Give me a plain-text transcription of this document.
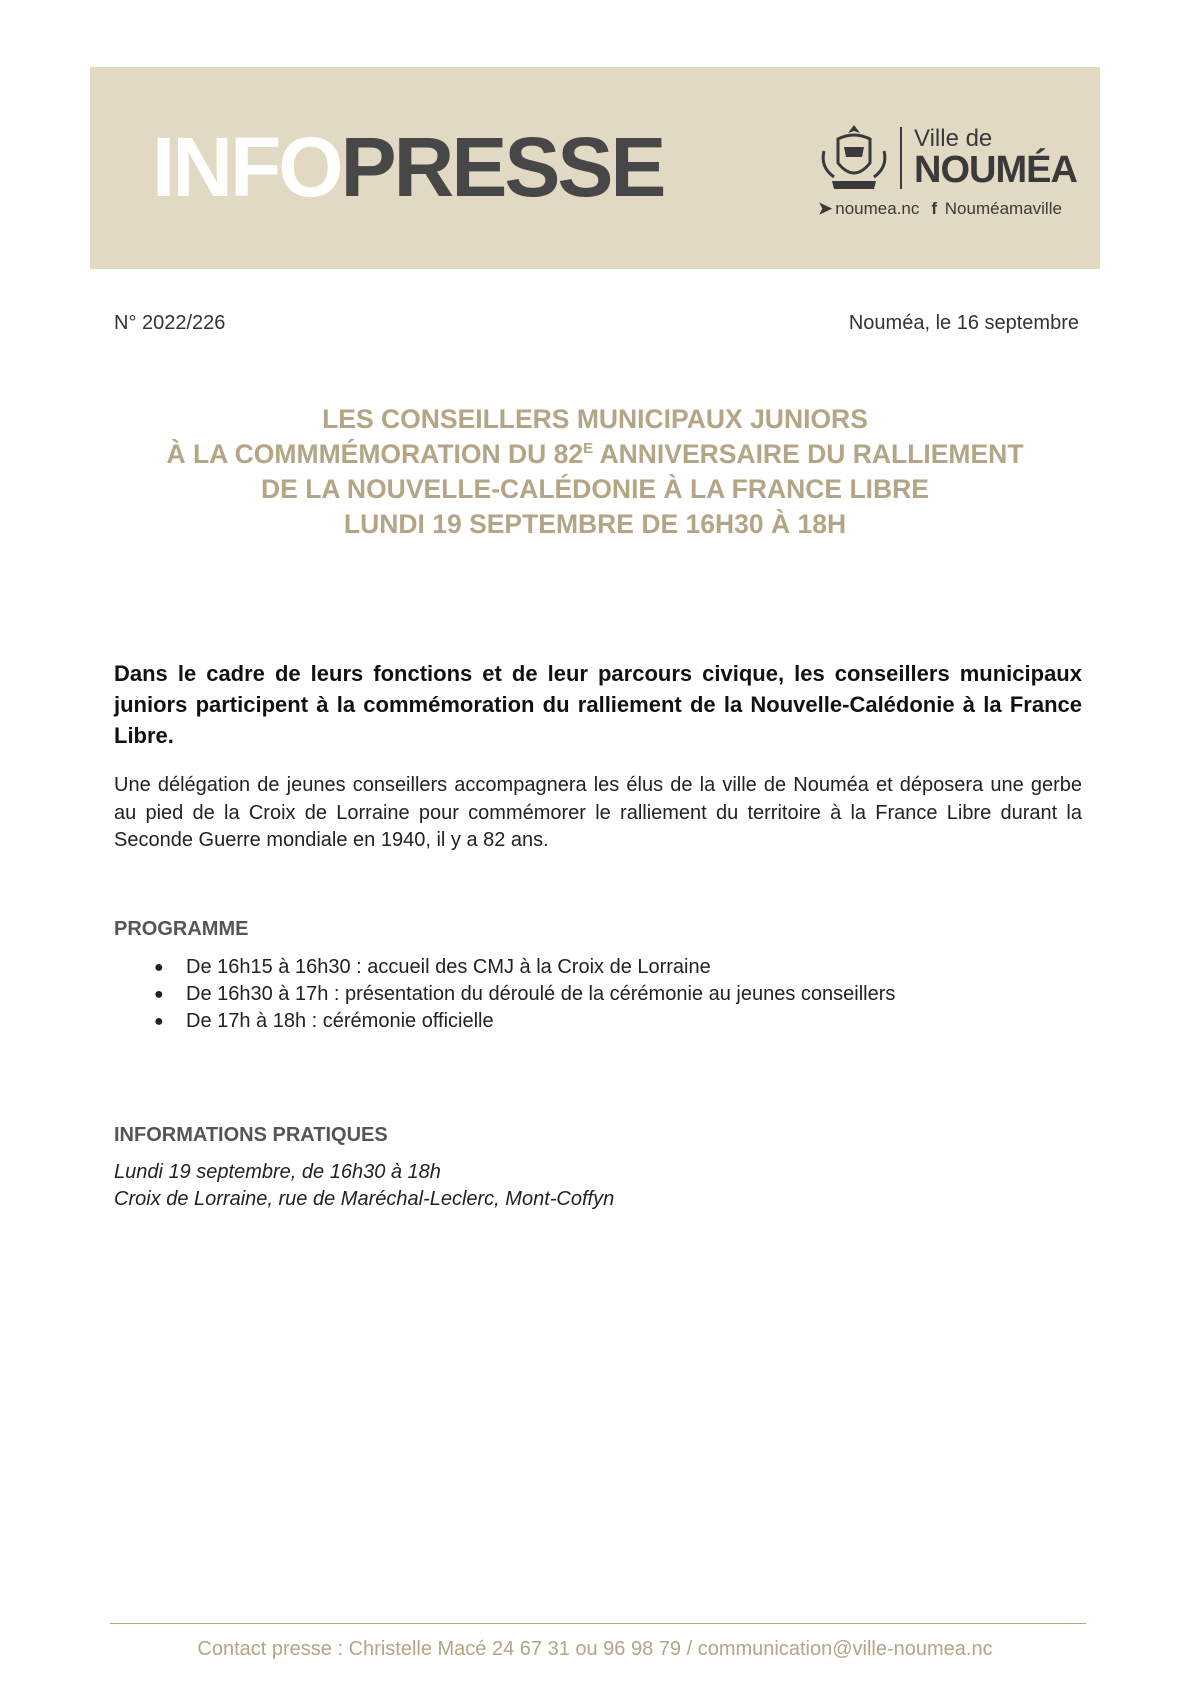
INFOPRESSE	Ville de
NOUMÉA
➤ noumea.nc f Nouméamaville
N° 2022/226	Nouméa, le 16 septembre
LES CONSEILLERS MUNICIPAUX JUNIORS
À LA COMMMÉMORATION DU $82^E$ ANNIVERSAIRE DU RALLIEMENT
DE LA NOUVELLE-CALÉDONIE À LA FRANCE LIBRE
LUNDI 19 SEPTEMBRE DE 16H30 À 18H
Dans le cadre de leurs fonctions et de leur parcours civique, les conseillers municipaux juniors participent à la commémoration du ralliement de la Nouvelle-Calédonie à la France Libre.
Une délégation de jeunes conseillers accompagnera les élus de la ville de Nouméa et déposera une gerbe au pied de la Croix de Lorraine pour commémorer le ralliement du territoire à la France Libre durant la Seconde Guerre mondiale en 1940, il y a 82 ans.
PROGRAMME
● De 16h15 à 16h30 : accueil des CMJ à la Croix de Lorraine
● De 16h30 à 17h : présentation du déroulé de la cérémonie au jeunes conseillers
● De 17h à 18h : cérémonie officielle
INFORMATIONS PRATIQUES
Lundi 19 septembre, de 16h30 à 18h
Croix de Lorraine, rue de Maréchal-Leclerc, Mont-Coffyn
Contact presse : Christelle Macé 24 67 31 ou 96 98 79 / communication@ville-noumea.nc
